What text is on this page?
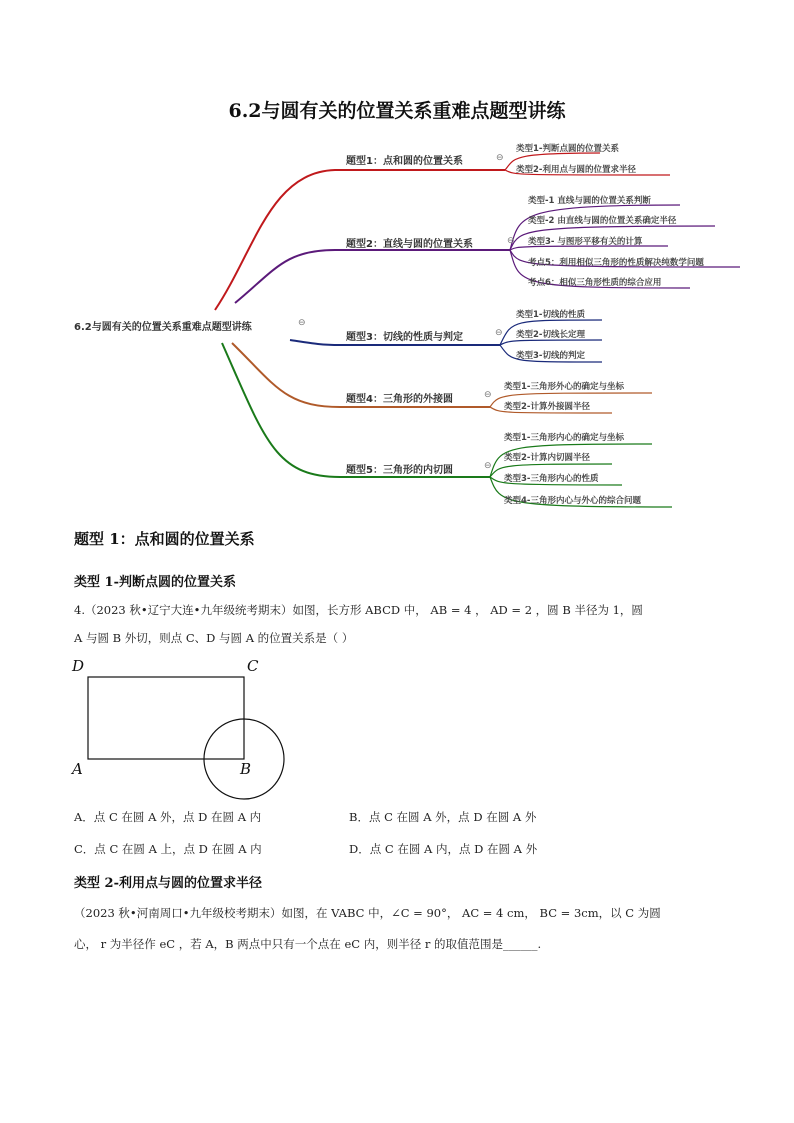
6.2与圆有关的位置关系重难点题型讲练
6.2与圆有关的位置关系重难点题型讲练	⊖
题型1：点和圆的位置关系	⊖
类型1-判断点圆的位置关系
类型2-利用点与圆的位置求半径
题型2：直线与圆的位置关系	⊖
类型-1 直线与圆的位置关系判断
类型-2 由直线与圆的位置关系确定半径
类型3- 与图形平移有关的计算
考点5：利用相似三角形的性质解决纯数学问题
考点6：相似三角形性质的综合应用
题型3：切线的性质与判定	⊖
类型1-切线的性质
类型2-切线长定理
类型3-切线的判定
题型4：三角形的外接圆	⊖
类型1-三角形外心的确定与坐标
类型2-计算外接圆半径
题型5：三角形的内切圆	⊖
类型1-三角形内心的确定与坐标
类型2-计算内切圆半径
类型3-三角形内心的性质
类型4-三角形内心与外心的综合问题
题型 1：点和圆的位置关系
类型 1-判断点圆的位置关系
4.（2023 秋•辽宁大连•九年级统考期末）如图，长方形 ABCD 中， AB = 4 ， AD = 2 ，圆 B 半径为 1，圆
A 与圆 B 外切，则点 C、D 与圆 A 的位置关系是（ ）
D	C
A	B
A．点 C 在圆 A 外，点 D 在圆 A 内	B．点 C 在圆 A 外，点 D 在圆 A 外
C．点 C 在圆 A 上，点 D 在圆 A 内	D．点 C 在圆 A 内，点 D 在圆 A 外
类型 2-利用点与圆的位置求半径
（2023 秋•河南周口•九年级校考期末）如图，在 VABC 中，∠C = 90°， AC = 4 cm， BC = 3cm，以 C 为圆
心， r 为半径作 eC ，若 A，B 两点中只有一个点在 eC 内，则半径 r 的取值范围是______.
